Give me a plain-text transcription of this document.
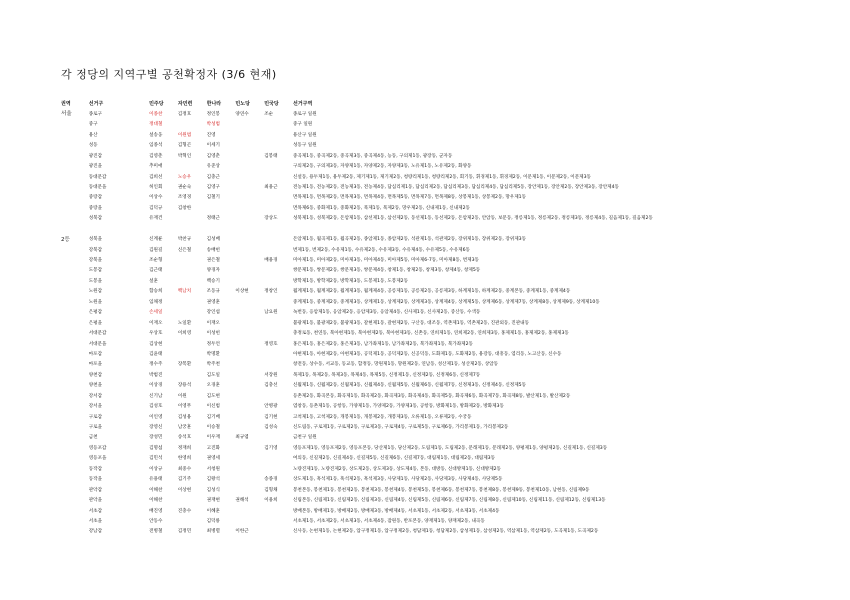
각 정당의 지역구별 공천확정자 (3/6 현재)
권역	선거구	민주당	자민련	한나라	민노당	민국당	선거구역
서울	종로구	이종찬	김정호	정인봉	양연수	조순	종로구 일원
	중구	정대철		박성범			중구 일원
	용산	설송웅	이원범	진영			용산구 일원
	성동	임종석	김형곤	이세기			성동구 일원
	광진갑	김영춘	박혁인	김영춘		김봉태	중곡제1동, 중곡제2동, 중곡제3동, 중곡제4동, 능동, 구의제1동, 광장동, 군자동
	광진을	추미애		유준상			구의제2동, 구의제3동, 자양제1동, 자양제2동, 자양제3동, 노유제1동, 노유제2동, 화양동
	동대문갑	김희선	노승우	김충근			신설동, 용두제1동, 용두제2동, 제기제1동, 제기제2동, 청량리제1동, 청량리제2동, 회기동, 휘경제1동, 휘경제2동, 이문제1동, 이문제2동, 이문제3동
	동대문을	허인회	권순숙	김영구		최용근	전농제1동, 전농제2동, 전농제3동, 전농제4동, 답십리제1동, 답십리제2동, 답십리제3동, 답십리제4동, 답십리제5동, 장안제1동, 장안제2동, 장안제3동, 장안제4동
	중랑갑	이상수	조영경	김철기			면목제1동, 면목제2동, 면목제3동, 면목제4동, 면목제5동, 면목제7동, 면목제8동, 상봉제1동, 상봉제2동, 망우제1동
	중랑을	김덕규	김창한				면목제6동, 중화제1동, 중화제2동, 묵제1동, 묵제2동, 망우제2동, 신내제1동, 신내제2동
	성북갑	유재건		정태근		장상도	성북제1동, 성북제2동, 돈암제1동, 삼선제1동, 삼선제2동, 동선제1동, 동선제2동, 돈암제2동, 안암동, 보문동, 정릉제1동, 정릉제2동, 정릉제3동, 정릉제4동, 길음제1동, 길음제2동

2등	성북을	신계륜	박찬규	김성배			돈암제1동, 월곡제1동, 월곡제2동, 종암제1동, 종암제2동, 석관제1동, 석관제2동, 장위제1동, 장위제2동, 장위제3동
	강북갑	김원길	신은철	송배헌			번제1동, 번제2동, 수유제1동, 수유제2동, 수유제3동, 수유제4동, 수유제5동, 수유제6동
	강북을	조순형		권은철		배용경	미아제1동, 미아제2동, 미아제3동, 미아제4동, 미아제5동, 미아제6-7동, 미아제8동, 번제3동
	도봉갑	김근태		양경자			쌍문제1동, 쌍문제2동, 쌍문제3동, 쌍문제4동, 창제1동, 창제2동, 창제3동, 창제4동, 창제5동
	도봉을	설훈		백승기			방학제1동, 방학제2동, 방학제3동, 도봉제1동, 도봉제2동
	노원갑	함승희	백남치	조동규	이상현	정창인	월계제1동, 월계제2동, 월계제3동, 월계제4동, 공릉제1동, 공릉제2동, 공릉제3동, 하계제1동, 하계제2동, 중계본동, 중계제1동, 중계제4동
	노원을	임채정		권영훈			중계제1동, 중계제2동, 중계제3동, 상계제1동, 상계제2동, 상계제3동, 상계제4동, 상계제5동, 상계제6동, 상계제7동, 상계제8동, 상계제9동, 상계제10동
	은평갑	손세일		강인섭		남요원	녹번동, 응암제1동, 응암제2동, 응암제3동, 응암제4동, 신사제1동, 신사제2동, 증산동, 수색동
	은평을	이재오	노일환	이재오			불광제1동, 불광제2동, 불광제3동, 갈현제1동, 갈현제2동, 구산동, 대조동, 역촌제1동, 역촌제2동, 진관외동, 진관내동
	서대문갑	우상호	이희영	이성헌			충정로동, 천연동, 북아현제1동, 북아현제2동, 북아현제3동, 신촌동, 연희제1동, 연희제2동, 연희제3동, 홍제제1동, 홍제제2동, 홍제제3동
	서대문을	김상현		정두언		정영호	홍은제1동, 홍은제2동, 홍은제3동, 남가좌제1동, 남가좌제2동, 북가좌제1동, 북가좌제2동
	마포갑	김윤태		박명환			아현제1동, 아현제2동, 아현제3동, 공덕제1동, 공덕제2동, 신공덕동, 도화제1동, 도화제2동, 용강동, 대흥동, 염리동, 노고산동, 신수동
	마포을	정수주	장복환	박주천			창전동, 상수동, 서교동, 동교동, 합정동, 망원제1동, 망원제2동, 연남동, 성산제1동, 성산제2동, 상암동
	양천갑	박범진		김도일		서장원	목제1동, 목제2동, 목제3동, 목제4동, 목제5동, 신정제1동, 신정제2동, 신정제6동, 신정제7동
	양천을	이상경	장용석	오경훈		김충선	신월제1동, 신월제2동, 신월제3동, 신월제4동, 신월제5동, 신월제6동, 신월제7동, 신정제3동, 신정제4동, 신정제5동
	강서갑	신기남	이원	김도현			등촌제2동, 화곡본동, 화곡제1동, 화곡제2동, 화곡제3동, 화곡제4동, 화곡제5동, 화곡제6동, 화곡제7동, 화곡제8동, 발산제1동, 발산제2동
	강서을	김성호	이영무	이신범		안병광	염창동, 등촌제1동, 공항동, 가양제1동, 가양제2동, 가양제3동, 공항동, 방화제1동, 방화제2동, 방화제3동
	구로갑	이인영	김성용	김기배		김기현	고척제1동, 고척제2동, 개봉제1동, 개봉제2동, 개봉제3동, 오류제1동, 오류제2동, 수궁동
	구로을	장영신	남궁훈	이승철		김성숙	신도림동, 구로제1동, 구로제2동, 구로제3동, 구로제4동, 구로제5동, 구로제6동, 가리봉제1동, 가리봉제2동
	금천	장성민	송석호	이우재	최규엽		금천구 일원
	영등포갑	김명섭	정재희	고진화		김기영	영등포제1동, 영등포제2동, 영등포본동, 당산제1동, 당산제2동, 도림제1동, 도림제2동, 문래제1동, 문래제2동, 양평제1동, 양평제2동, 신길제1동, 신길제3동
	영등포을	김민석	한영희	권영세			여의동, 신길제2동, 신길제4동, 신길제5동, 신길제6동, 신길제7동, 대림제1동, 대림제2동, 대림제3동
	동작갑	이상규	최중수	서청원			노량진제1동, 노량진제2동, 상도제2동, 상도제3동, 상도제4동, 본동, 대방동, 신대방제1동, 신대방제2동
	동작을	유용태	김기주	김왕석		송종경	상도제1동, 흑석제1동, 흑석제2동, 흑석제3동, 사당제1동, 사당제2동, 사당제3동, 사당제4동, 사당제5동
	관악갑	이해찬	이상현	김성식		김형채	봉천본동, 봉천제1동, 봉천제2동, 봉천제3동, 봉천제4동, 봉천제5동, 봉천제6동, 봉천제7동, 봉천제8동, 봉천제9동, 봉천제10동, 남현동, 신림제9동
	관악을	이해찬		권재현	권해석	이용희	신림본동, 신림제1동, 신림제2동, 신림제3동, 신림제4동, 신림제5동, 신림제6동, 신림제7동, 신림제8동, 신림제10동, 신림제11동, 신림제12동, 신림제13동
	서초갑	배진영	진충수	이혜훈			방배본동, 방배제1동, 방배제2동, 방배제3동, 방배제4동, 서초제1동, 서초제2동, 서초제3동, 서초제4동
	서초을	안동수		김덕룡			서초제1동, 서초제2동, 서초제3동, 서초제4동, 잠원동, 반포본동, 양재제1동, 양재제2동, 내곡동
	강남갑	전병철	김정민	최병렬	이한근		신사동, 논현제1동, 논현제2동, 압구정제1동, 압구정제2동, 청담제1동, 청담제2동, 삼성제1동, 삼성제2동, 역삼제1동, 역삼제2동, 도곡제1동, 도곡제2동
